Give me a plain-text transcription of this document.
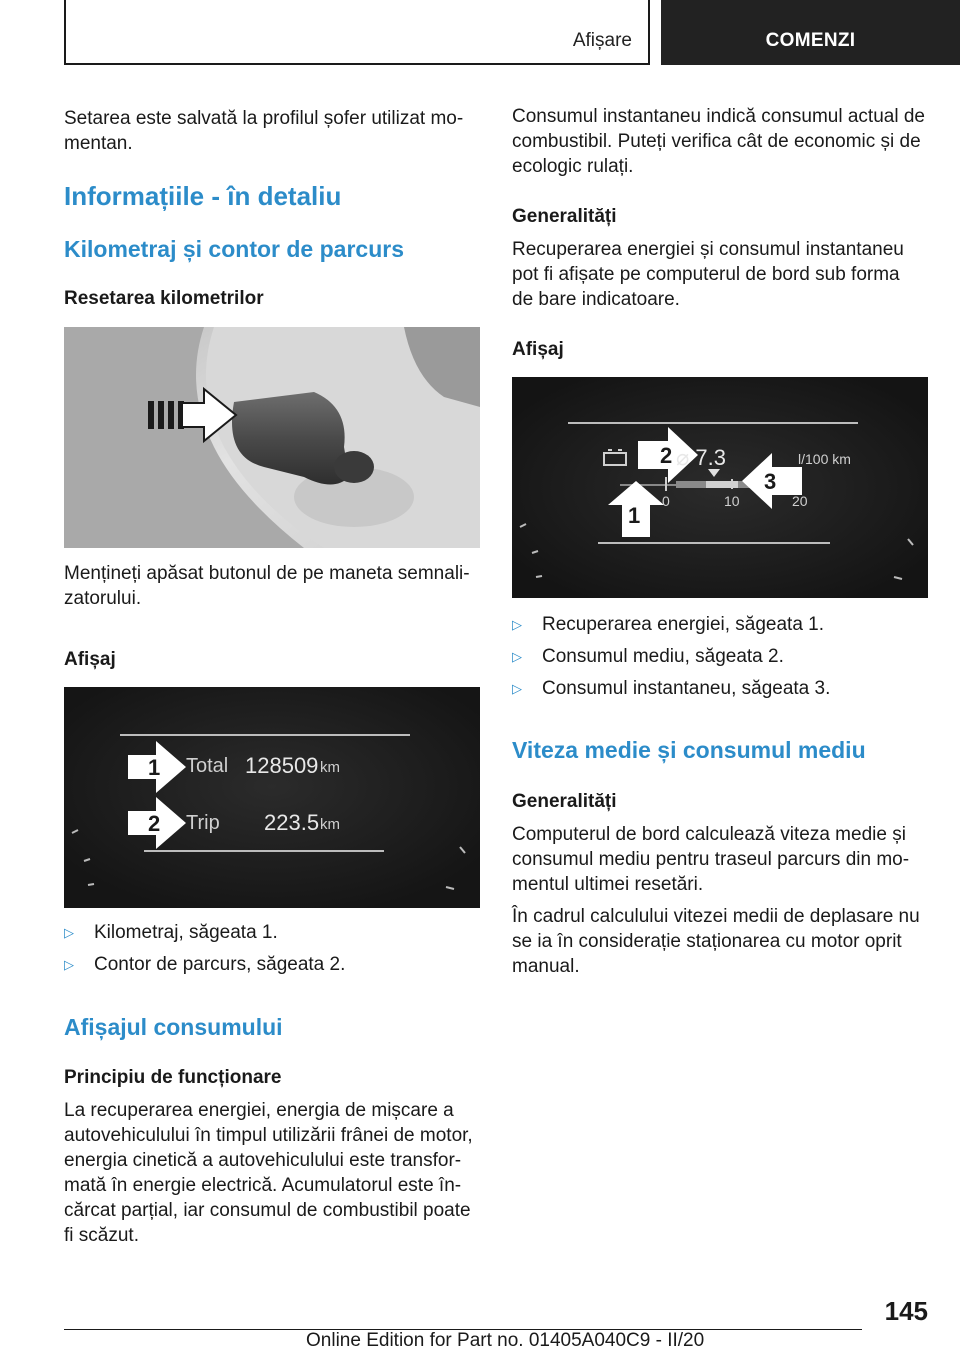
Afișare	COMENZI
Setarea este salvată la profilul șofer utilizat mo-
mentan.
Informațiile - în detaliu
Kilometraj și contor de parcurs
Resetarea kilometrilor
Mențineți apăsat butonul de pe maneta semnali-
zatorului.
Afișaj
1
2
Total 128509 km
Trip 223.5 km
▷ Kilometraj, săgeata 1.
▷ Contor de parcurs, săgeata 2.
Afișajul consumului
Principiu de funcționare
La recuperarea energiei, energia de mișcare a
autovehiculului în timpul utilizării frânei de motor,
energia cinetică a autovehiculului este transfor-
mată în energie electrică. Acumulatorul este în-
cărcat parțial, iar consumul de combustibil poate
fi scăzut.
Consumul instantaneu indică consumul actual de
combustibil. Puteți verifica cât de economic și de
ecologic rulați.
Generalități
Recuperarea energiei și consumul instantaneu
pot fi afișate pe computerul de bord sub forma
de bare indicatoare.
Afișaj
1
2
3
⌀ 7.3	l/100 km
0	10	20
▷ Recuperarea energiei, săgeata 1.
▷ Consumul mediu, săgeata 2.
▷ Consumul instantaneu, săgeata 3.
Viteza medie și consumul mediu
Generalități
Computerul de bord calculează viteza medie și
consumul mediu pentru traseul parcurs din mo-
mentul ultimei resetări.
În cadrul calculului vitezei medii de deplasare nu
se ia în considerație staționarea cu motor oprit
manual.
145
Online Edition for Part no. 01405A040C9 - II/20
